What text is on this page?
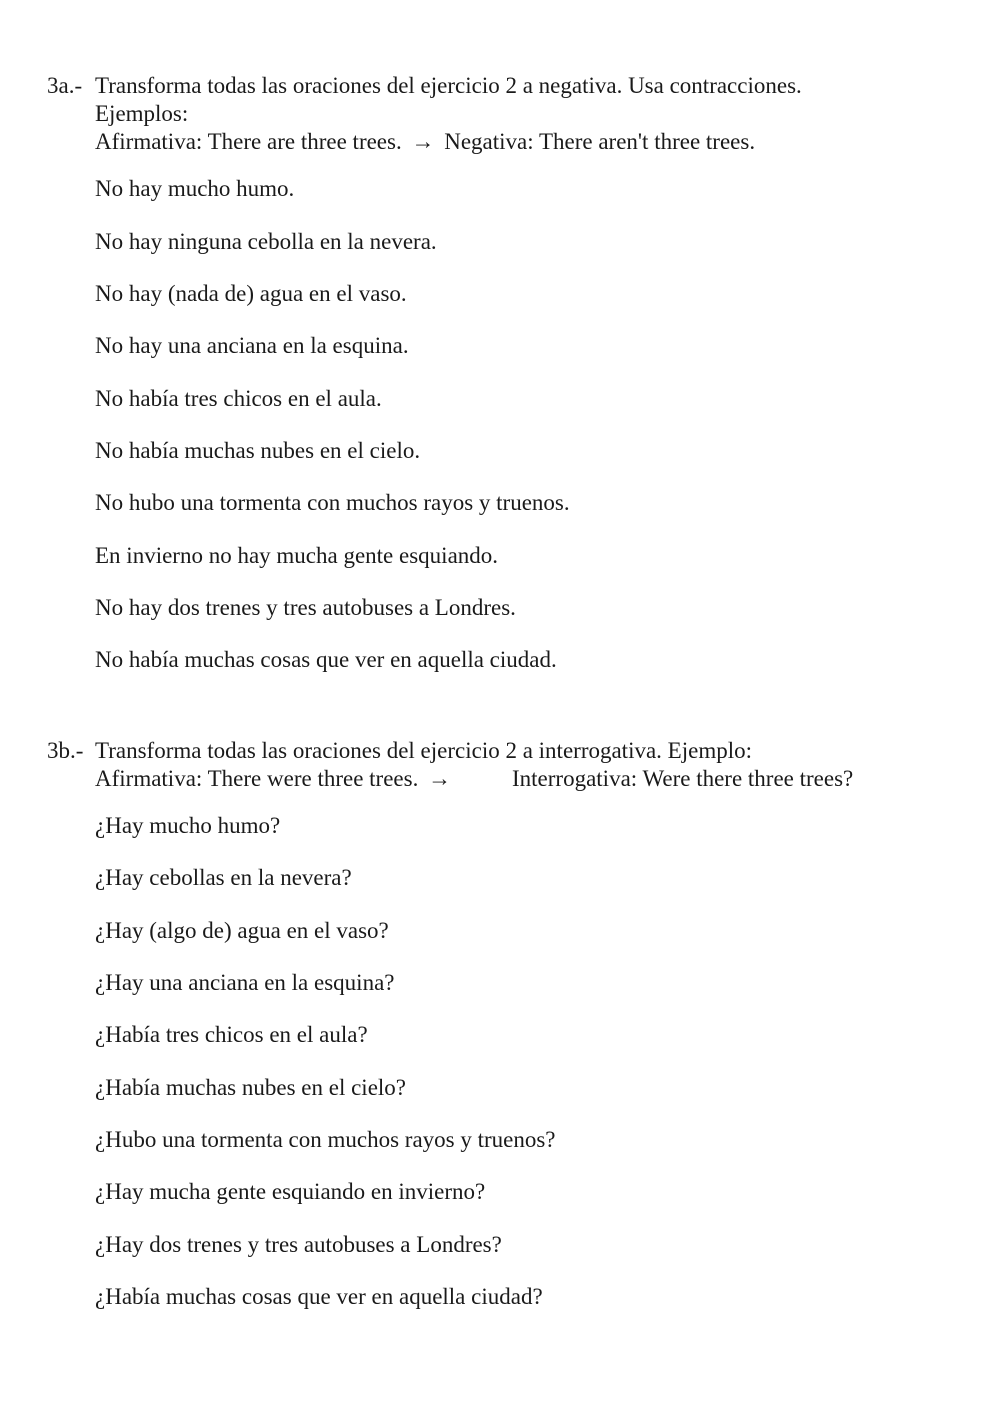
3a.- Transforma todas las oraciones del ejercicio 2 a negativa. Usa contracciones.
Ejemplos:
Afirmativa: There are three trees. → Negativa: There aren't three trees.
No hay mucho humo.
No hay ninguna cebolla en la nevera.
No hay (nada de) agua en el vaso.
No hay una anciana en la esquina.
No había tres chicos en el aula.
No había muchas nubes en el cielo.
No hubo una tormenta con muchos rayos y truenos.
En invierno no hay mucha gente esquiando.
No hay dos trenes y tres autobuses a Londres.
No había muchas cosas que ver en aquella ciudad.
3b.- Transforma todas las oraciones del ejercicio 2 a interrogativa. Ejemplo:
Afirmativa: There were three trees. →	Interrogativa: Were there three trees?
¿Hay mucho humo?
¿Hay cebollas en la nevera?
¿Hay (algo de) agua en el vaso?
¿Hay una anciana en la esquina?
¿Había tres chicos en el aula?
¿Había muchas nubes en el cielo?
¿Hubo una tormenta con muchos rayos y truenos?
¿Hay mucha gente esquiando en invierno?
¿Hay dos trenes y tres autobuses a Londres?
¿Había muchas cosas que ver en aquella ciudad?
